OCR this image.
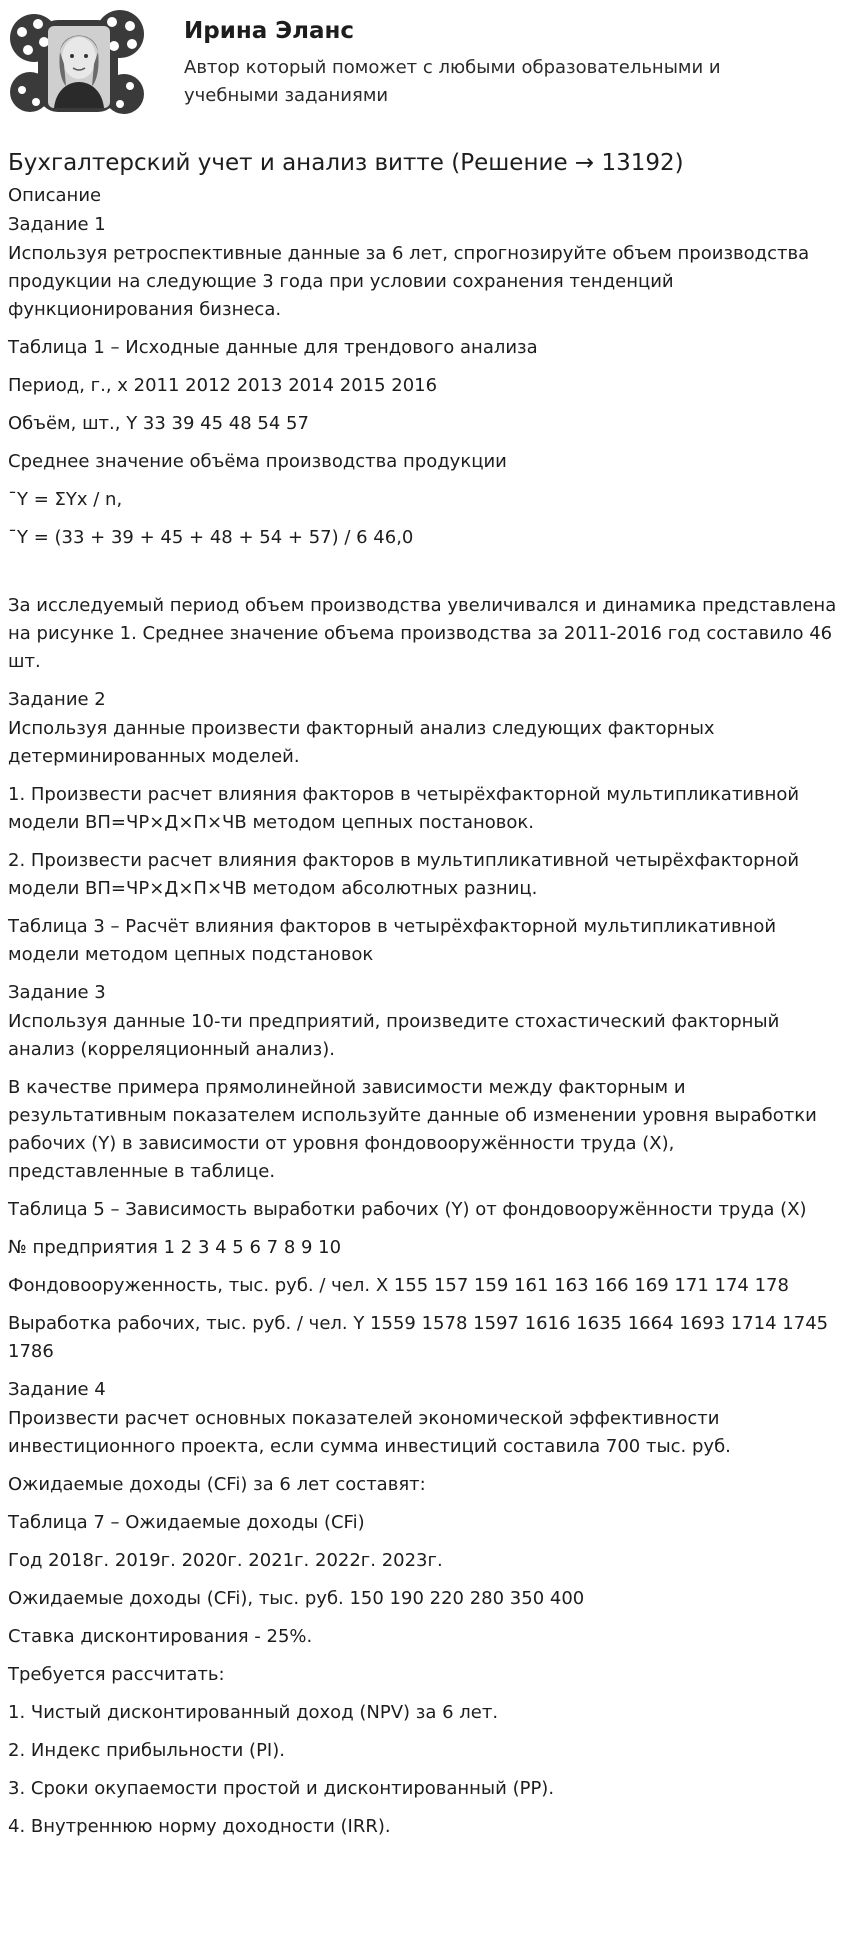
Ирина Эланс
Автор который поможет с любыми образовательными и учебными заданиями
Бухгалтерский учет и анализ витте (Решение → 13192)
Описание
Задание 1

Используя ретроспективные данные за 6 лет, спрогнозируйте объем производства продукции на следующие 3 года при условии сохранения тенденций функционирования бизнеса.

Таблица 1 – Исходные данные для трендового анализа

Период, г., x 2011 2012 2013 2014 2015 2016

Объём, шт., Y 33 39 45 48 54 57

Среднее значение объёма производства продукции

¯Y = ΣYx / n,

¯Y = (33 + 39 + 45 + 48 + 54 + 57) / 6 46,0

За исследуемый период объем производства увеличивался и динамика представлена на рисунке 1. Среднее значение объема производства за 2011-2016 год составило 46 шт.

Задание 2

Используя данные произвести факторный анализ следующих факторных детерминированных моделей.

1. Произвести расчет влияния факторов в четырёхфакторной мультипликативной модели ВП=ЧР×Д×П×ЧВ методом цепных постановок.

2. Произвести расчет влияния факторов в мультипликативной четырёхфакторной модели ВП=ЧР×Д×П×ЧВ методом абсолютных разниц.

Таблица 3 – Расчёт влияния факторов в четырёхфакторной мультипликативной модели методом цепных подстановок

Задание 3

Используя данные 10-ти предприятий, произведите стохастический факторный анализ (корреляционный анализ).

В качестве примера прямолинейной зависимости между факторным и результативным показателем используйте данные об изменении уровня выработки рабочих (Y) в зависимости от уровня фондовооружённости труда (X), представленные в таблице.

Таблица 5 – Зависимость выработки рабочих (Y) от фондовооружённости труда (X)

№ предприятия 1 2 3 4 5 6 7 8 9 10

Фондовооруженность, тыс. руб. / чел. X 155 157 159 161 163 166 169 171 174 178

Выработка рабочих, тыс. руб. / чел. Y 1559 1578 1597 1616 1635 1664 1693 1714 1745 1786

Задание 4

Произвести расчет основных показателей экономической эффективности инвестиционного проекта, если сумма инвестиций составила 700 тыс. руб.

Ожидаемые доходы (CFi) за 6 лет составят:

Таблица 7 – Ожидаемые доходы (CFi)

Год 2018г. 2019г. 2020г. 2021г. 2022г. 2023г.

Ожидаемые доходы (CFi), тыс. руб. 150 190 220 280 350 400

Ставка дисконтирования - 25%.

Требуется рассчитать:

1. Чистый дисконтированный доход (NPV) за 6 лет.

2. Индекс прибыльности (PI).

3. Сроки окупаемости простой и дисконтированный (PP).

4. Внутреннюю норму доходности (IRR).
